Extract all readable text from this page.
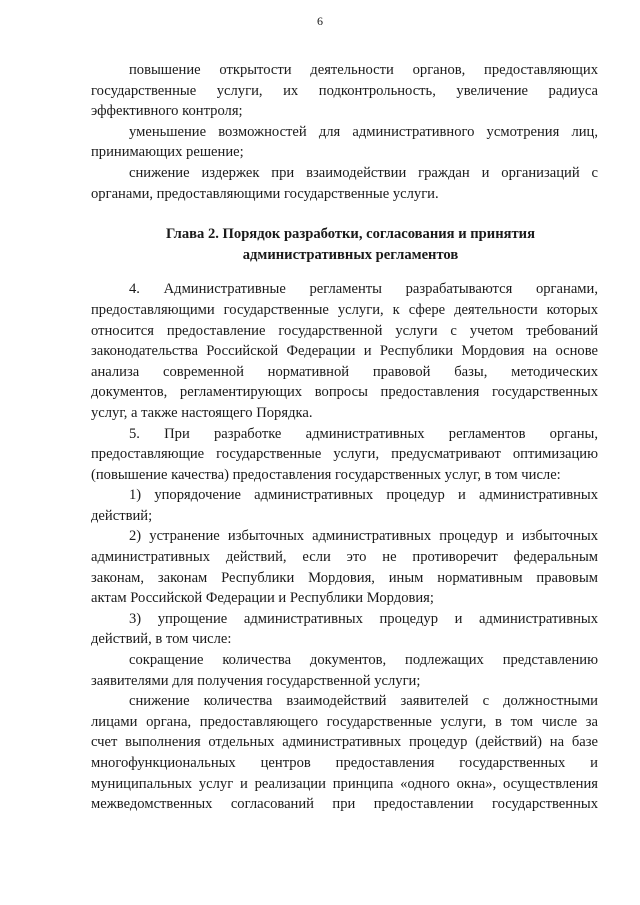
6
повышение открытости деятельности органов, предоставляющих
государственные услуги, их подконтрольность, увеличение радиуса
эффективного контроля;
уменьшение возможностей для административного усмотрения лиц,
принимающих решение;
снижение издержек при взаимодействии граждан и организаций с
органами, предоставляющими государственные услуги.

Глава 2. Порядок разработки, согласования и принятия
административных регламентов

4. Административные регламенты разрабатываются органами,
предоставляющими государственные услуги, к сфере деятельности которых
относится предоставление государственной услуги с учетом требований
законодательства Российской Федерации и Республики Мордовия на основе
анализа современной нормативной правовой базы, методических
документов, регламентирующих вопросы предоставления государственных
услуг, а также настоящего Порядка.
5. При разработке административных регламентов органы,
предоставляющие государственные услуги, предусматривают оптимизацию
(повышение качества) предоставления государственных услуг, в том числе:
1) упорядочение административных процедур и административных
действий;
2) устранение избыточных административных процедур и избыточных
административных действий, если это не противоречит федеральным
законам, законам Республики Мордовия, иным нормативным правовым
актам Российской Федерации и Республики Мордовия;
3) упрощение административных процедур и административных
действий, в том числе:
сокращение количества документов, подлежащих представлению
заявителями для получения государственной услуги;
снижение количества взаимодействий заявителей с должностными
лицами органа, предоставляющего государственные услуги, в том числе за
счет выполнения отдельных административных процедур (действий) на базе
многофункциональных центров предоставления государственных и
муниципальных услуг и реализации принципа «одного окна», осуществления
межведомственных согласований при предоставлении государственных
